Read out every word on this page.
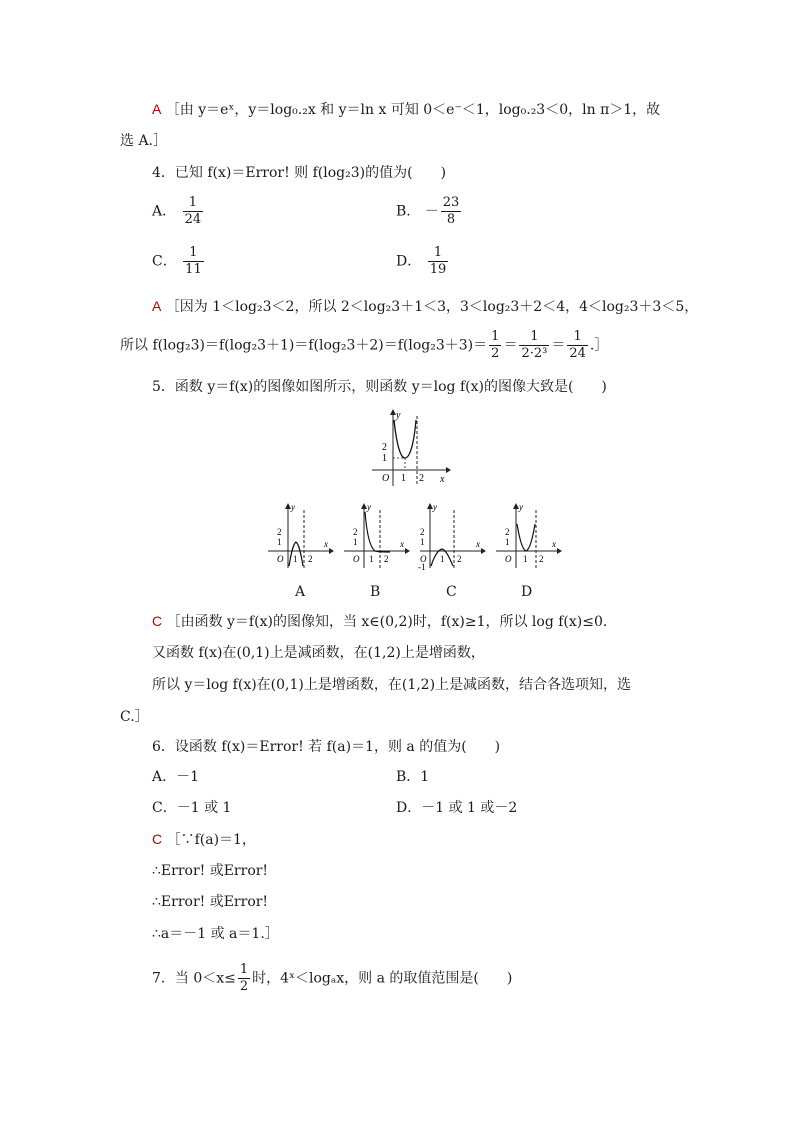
A ［由 y＝eˣ，y＝log₀.₂x 和 y＝ln x 可知 0＜e⁻＜1，log₀.₂3＜0，ln π＞1，故
选 A.］
4．已知 f(x)＝Error! 则 f(log₂3)的值为(　　)
A． $\frac{1}{24}$	B． － $\frac{23}{8}$
C． $\frac{1}{11}$	D． $\frac{1}{19}$
A ［因为 1＜log₂3＜2，所以 2＜log₂3＋1＜3，3＜log₂3＋2＜4，4＜log₂3＋3＜5，
所以 $f(\log_23)=f(\log_23+1)=f(\log_23+2)=f(\log_23+3)= \frac{1}{2} = \frac{1}{\text{2·2³}} = \frac{1}{24}$ .］
5．函数 y＝f(x)的图像如图所示，则函数 y＝log f(x)的图像大致是(　　)
y
x
O 1 2
2
1
y
x
O 1 2
2
1
y
x
O 1 2
2
1
y
x
O 1 2
2
1
-1
y
x
O 1 2
2
1
A	B	C	D
C ［由函数 y＝f(x)的图像知，当 x∈(0,2)时，f(x)≥1，所以 log f(x)≤0.
又函数 f(x)在(0,1)上是减函数，在(1,2)上是增函数，
所以 y＝log f(x)在(0,1)上是增函数，在(1,2)上是减函数，结合各选项知，选
C.］
6．设函数 f(x)＝Error! 若 f(a)＝1，则 a 的值为(　　)
A．－1	B．1
C．－1 或 1	D．－1 或 1 或－2
C ［∵f(a)＝1，
∴Error! 或Error!
∴Error! 或Error!
∴a＝－1 或 a＝1.］
7．当 $0<x\le \frac{1}{2}$ 时，4ˣ＜logₐx，则 a 的取值范围是(　　)
